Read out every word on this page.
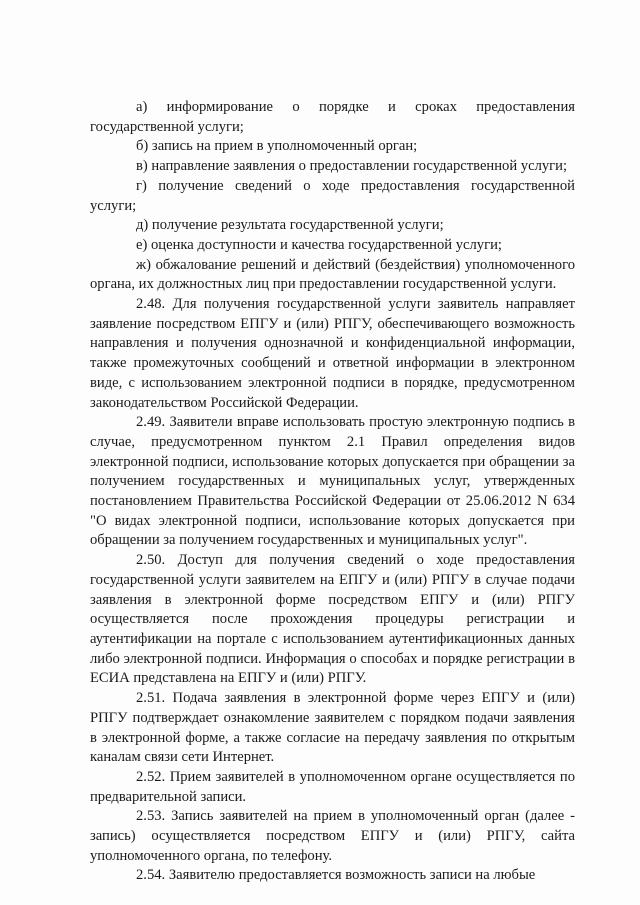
а) информирование о порядке и сроках предоставления государственной услуги;

б) запись на прием в уполномоченный орган;

в) направление заявления о предоставлении государственной услуги;

г) получение сведений о ходе предоставления государственной услуги;

д) получение результата государственной услуги;

е) оценка доступности и качества государственной услуги;

ж) обжалование решений и действий (бездействия) уполномоченного органа, их должностных лиц при предоставлении государственной услуги.

2.48. Для получения государственной услуги заявитель направляет заявление посредством ЕПГУ и (или) РПГУ, обеспечивающего возможность направления и получения однозначной и конфиденциальной информации, также промежуточных сообщений и ответной информации в электронном виде, с использованием электронной подписи в порядке, предусмотренном законодательством Российской Федерации.

2.49. Заявители вправе использовать простую электронную подпись в случае, предусмотренном пунктом 2.1 Правил определения видов электронной подписи, использование которых допускается при обращении за получением государственных и муниципальных услуг, утвержденных постановлением Правительства Российской Федерации от 25.06.2012 N 634 "О видах электронной подписи, использование которых допускается при обращении за получением государственных и муниципальных услуг".

2.50. Доступ для получения сведений о ходе предоставления государственной услуги заявителем на ЕПГУ и (или) РПГУ в случае подачи заявления в электронной форме посредством ЕПГУ и (или) РПГУ осуществляется после прохождения процедуры регистрации и аутентификации на портале с использованием аутентификационных данных либо электронной подписи. Информация о способах и порядке регистрации в ЕСИА представлена на ЕПГУ и (или) РПГУ.

2.51. Подача заявления в электронной форме через ЕПГУ и (или) РПГУ подтверждает ознакомление заявителем с порядком подачи заявления в электронной форме, а также согласие на передачу заявления по открытым каналам связи сети Интернет.

2.52. Прием заявителей в уполномоченном органе осуществляется по предварительной записи.

2.53. Запись заявителей на прием в уполномоченный орган (далее - запись) осуществляется посредством ЕПГУ и (или) РПГУ, сайта уполномоченного органа, по телефону.

2.54. Заявителю предоставляется возможность записи на любые
